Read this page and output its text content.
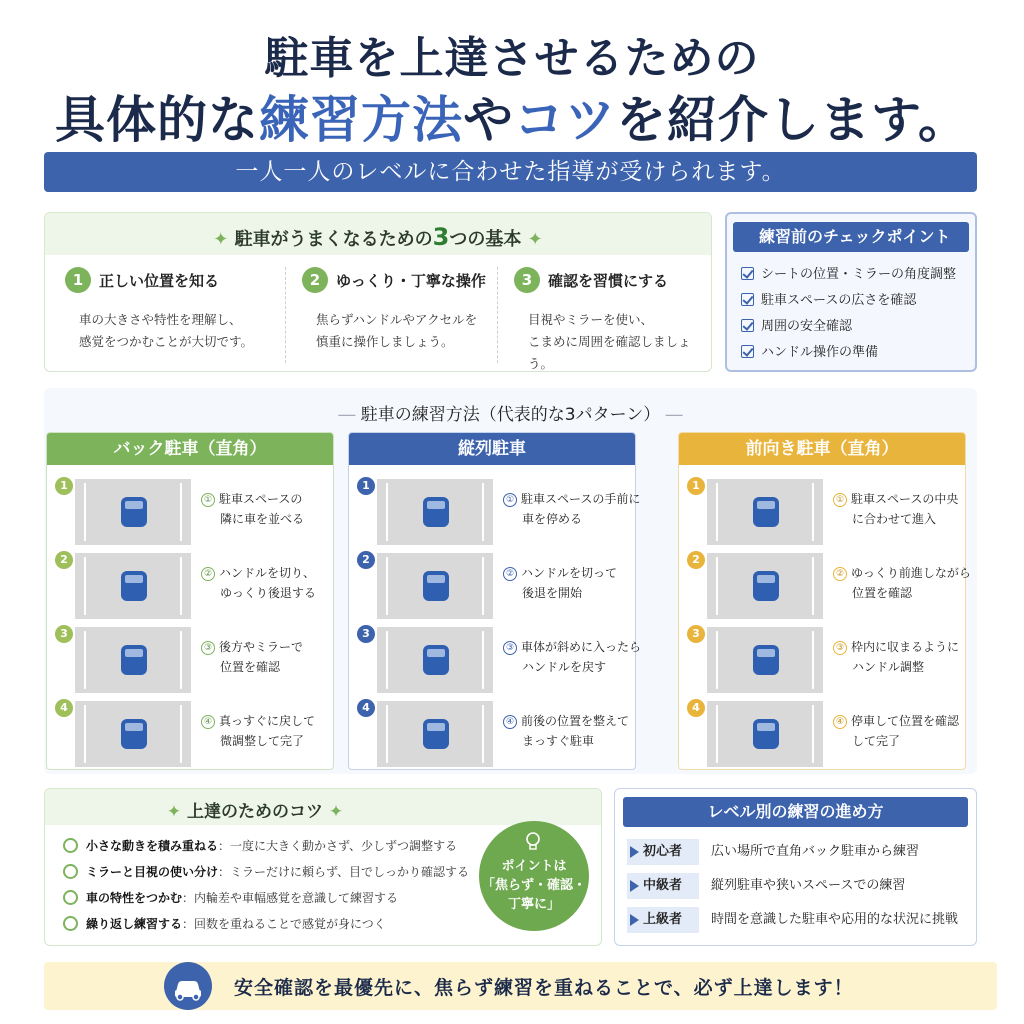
駐車を上達させるための
具体的な練習方法やコツを紹介します。
一人一人のレベルに合わせた指導が受けられます。
✦ 駐車がうまくなるための3つの基本 ✦
1 正しい位置を知る
車の大きさや特性を理解し、
感覚をつかむことが大切です。
2 ゆっくり・丁寧な操作
焦らずハンドルやアクセルを
慎重に操作しましょう。
3 確認を習慣にする
目視やミラーを使い、
こまめに周囲を確認しましょう。
練習前のチェックポイント
シートの位置・ミラーの角度調整
駐車スペースの広さを確認
周囲の安全確認
ハンドル操作の準備
― 駐車の練習方法（代表的な3パターン） ―
バック駐車（直角）
1
① 駐車スペースの
隣に車を並べる
2
② ハンドルを切り、
ゆっくり後退する
3
③ 後方やミラーで
位置を確認
4
④ 真っすぐに戻して
微調整して完了
縦列駐車
1
① 駐車スペースの手前に
車を停める
2
② ハンドルを切って
後退を開始
3
③ 車体が斜めに入ったら
ハンドルを戻す
4
④ 前後の位置を整えて
まっすぐ駐車
前向き駐車（直角）
1
① 駐車スペースの中央
に合わせて進入
2
② ゆっくり前進しながら
位置を確認
3
③ 枠内に収まるように
ハンドル調整
4
④ 停車して位置を確認
して完了
✦ 上達のためのコツ ✦
小さな動きを積み重ねる：一度に大きく動かさず、少しずつ調整する
ミラーと目視の使い分け：ミラーだけに頼らず、目でしっかり確認する
車の特性をつかむ：内輪差や車幅感覚を意識して練習する
繰り返し練習する：回数を重ねることで感覚が身につく
ポイントは
「焦らず・確認・
丁寧に」
レベル別の練習の進め方
初心者 広い場所で直角バック駐車から練習
中級者 縦列駐車や狭いスペースでの練習
上級者 時間を意識した駐車や応用的な状況に挑戦
安全確認を最優先に、焦らず練習を重ねることで、必ず上達します！
